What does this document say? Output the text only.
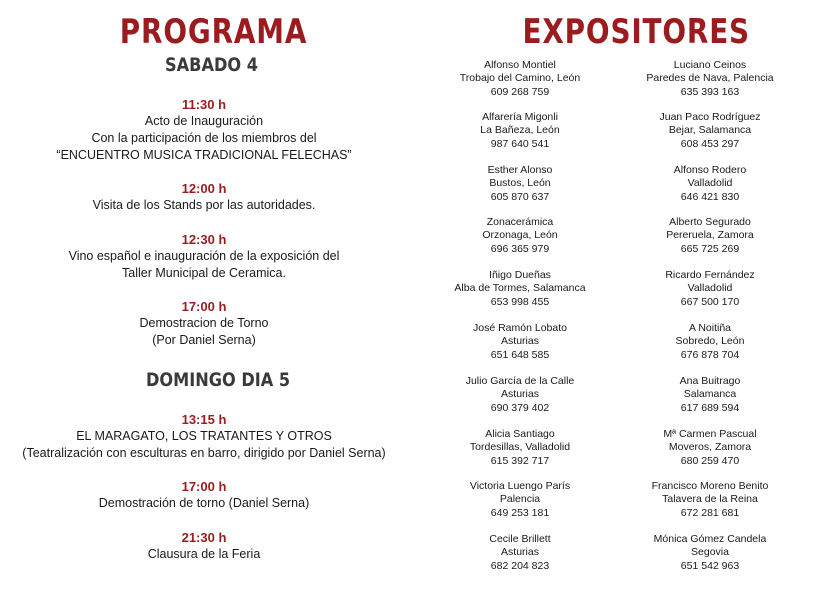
PROGRAMA	EXPOSITORES
SABADO 4
DOMINGO DIA 5
11:30 h
Acto de Inauguración
Con la participación de los miembros del
“ENCUENTRO MUSICA TRADICIONAL FELECHAS”
12:00 h
Visita de los Stands por las autoridades.
12:30 h
Vino español e inauguración de la exposición del
Taller Municipal de Ceramica.
17:00 h
Demostracion de Torno
(Por Daniel Serna)
13:15 h
EL MARAGATO, LOS TRATANTES Y OTROS
(Teatralización con esculturas en barro, dirigido por Daniel Serna)
17:00 h
Demostración de torno (Daniel Serna)
21:30 h
Clausura de la Feria
Alfonso Montiel
Trobajo del Camino, León
609 268 759
Alfarería Migonli
La Bañeza, León
987 640 541
Esther Alonso
Bustos, León
605 870 637
Zonacerámica
Orzonaga, León
696 365 979
Iñigo Dueñas
Alba de Tormes, Salamanca
653 998 455
José Ramón Lobato
Asturias
651 648 585
Julio García de la Calle
Asturias
690 379 402
Alicia Santiago
Tordesillas, Valladolid
615 392 717
Victoria Luengo París
Palencia
649 253 181
Cecile Brillett
Asturias
682 204 823
Luciano Ceinos
Paredes de Nava, Palencia
635 393 163
Juan Paco Rodríguez
Bejar, Salamanca
608 453 297
Alfonso Rodero
Valladolid
646 421 830
Alberto Segurado
Pereruela, Zamora
665 725 269
Ricardo Fernández
Valladolid
667 500 170
A Noitiña
Sobredo, León
676 878 704
Ana Buitrago
Salamanca
617 689 594
Mª Carmen Pascual
Moveros, Zamora
680 259 470
Francisco Moreno Benito
Talavera de la Reina
672 281 681
Mónica Gómez Candela
Segovia
651 542 963
